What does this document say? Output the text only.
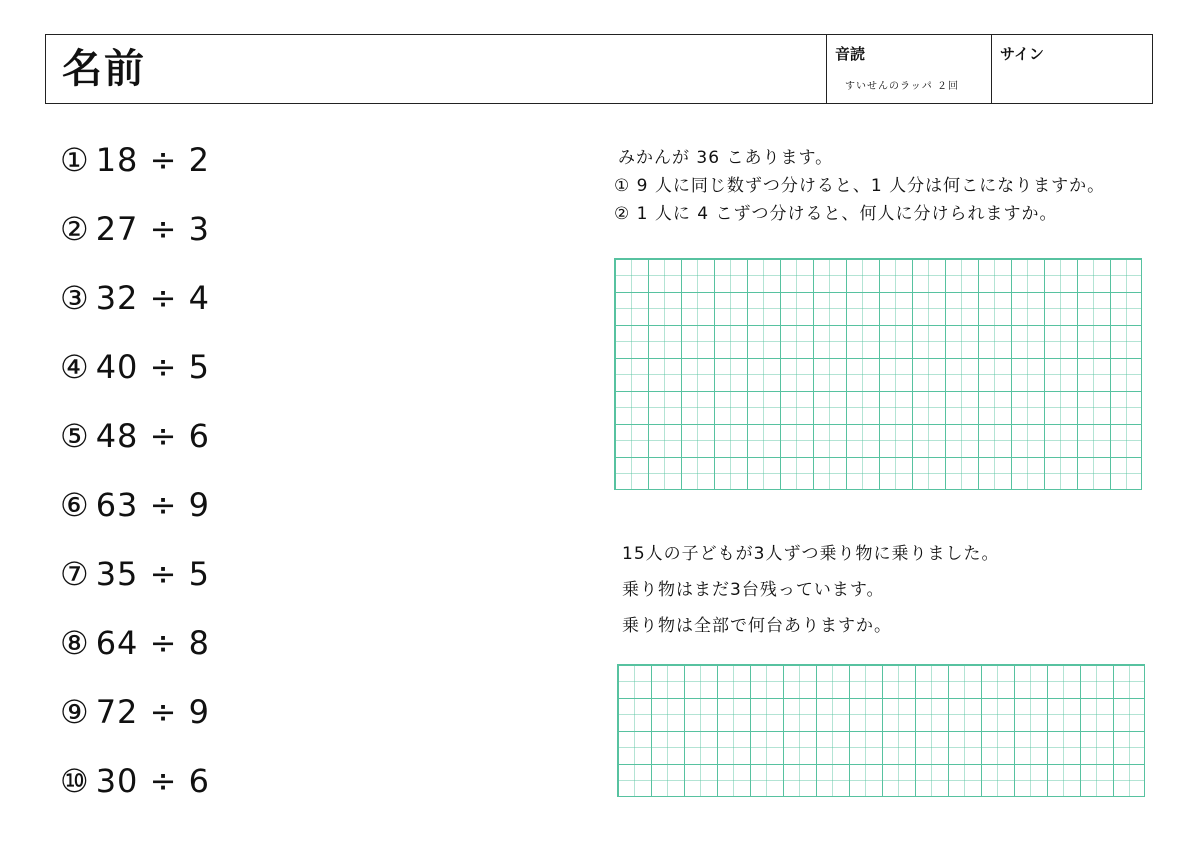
名前	音読
すいせんのラッパ ２回
サイン
① 18 ÷ 2
② 27 ÷ 3
③ 32 ÷ 4
④ 40 ÷ 5
⑤ 48 ÷ 6
⑥ 63 ÷ 9
⑦ 35 ÷ 5
⑧ 64 ÷ 8
⑨ 72 ÷ 9
⑩ 30 ÷ 6
みかんが 36 こあります。
① 9 人に同じ数ずつ分けると、1 人分は何こになりますか。
② 1 人に 4 こずつ分けると、何人に分けられますか。
15人の子どもが3人ずつ乗り物に乗りました。
乗り物はまだ3台残っています。
乗り物は全部で何台ありますか。
